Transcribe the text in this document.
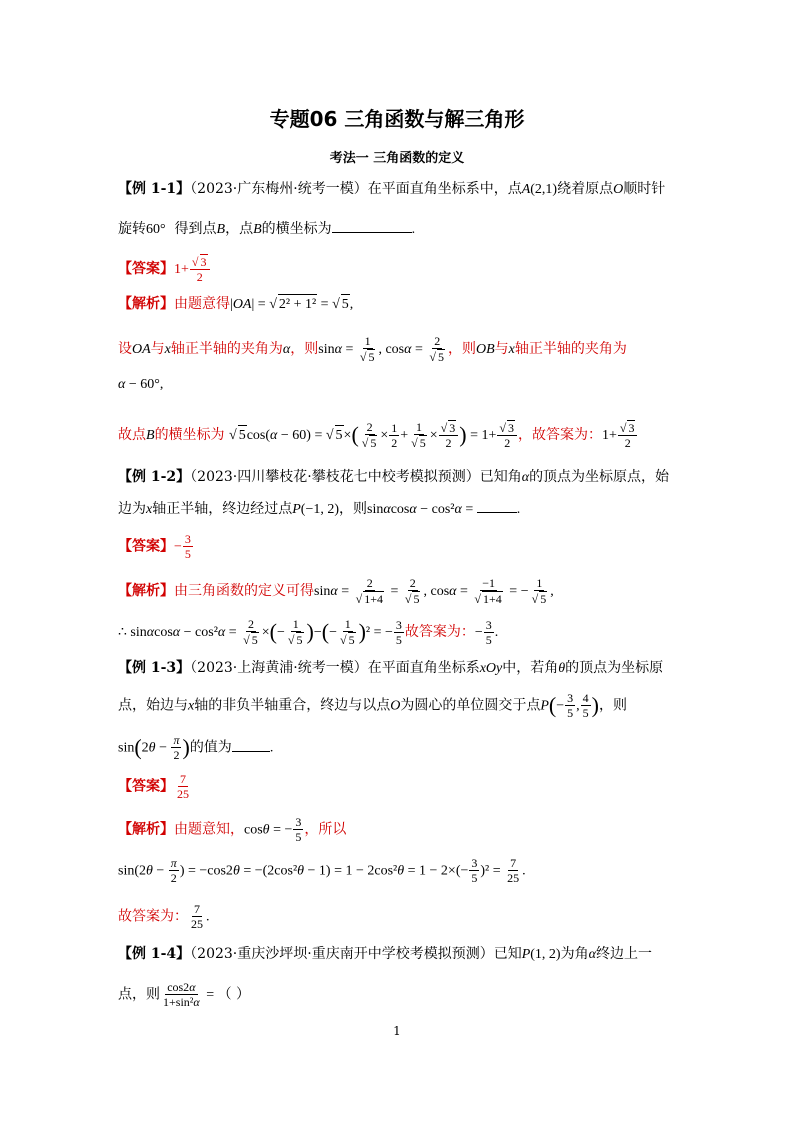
专题06 三角函数与解三角形
考法一 三角函数的定义
【例 1-1】（2023·广东梅州·统考一模）在平面直角坐标系中，点A(2,1)绕着原点O顺时针
旋转60° 得到点B，点B的横坐标为	.
【答案】1+ √ $\frac{3}{2}$
【解析】由题意得|OA| = √ 2² + 1² = √ 5,
设OA与x轴正半轴的夹角为α，则sinα = 1
√ 5 , cosα = 2
√ 5 ，则OB与x轴正半轴的夹角为
α − 60°,
故点B的横坐标为 √ 5cos(α − 60) = √ 5×( 2
√ $5 \times \frac{1}{2} + 1$
√ 5 × √ $\frac{3}{2}$ ) = 1+ √ $\frac{3}{2}$ ，故答案为：1+ √ $\frac{3}{2}$
【例 1-2】（2023·四川攀枝花·攀枝花七中校考模拟预测）已知角α的顶点为坐标原点，始
边为x轴正半轴，终边经过点P(−1, 2)，则sinαcosα − cos²α =	.
【答案】− $\frac{3}{5}$
【解析】由三角函数的定义可得sinα = 2
√ 1+4 = 2
√ 5 , cosα = −1
√ 1+4 = − 1
√ 5 ,
∴ sinαcosα − cos²α = 2
√ 5 ×(− 1
√ 5 )−(− 1
√ 5 )² = − $\frac{3}{5}$ 故答案为：− $\frac{3}{5}$ .
【例 1-3】（2023·上海黄浦·统考一模）在平面直角坐标系xOy中，若角θ的顶点为坐标原
点，始边与x轴的非负半轴重合，终边与以点O为圆心的单位圆交于点$P(- \frac{3}{5}$ , $\frac{4}{5}$ )，则
$\sin(2\theta - \frac{\pi}{2}$ )的值为	.
【答案】 $\frac{7}{25}$
【解析】由题意知，cosθ = − $\frac{3}{5}$ ，所以
$\sin(2\theta - \frac{\pi}{2}$ ) = $-\cos 2\theta = -(2\cos^2\theta - 1) = 1 - 2\cos^2\theta = 1 - 2\times(- \frac{3}{5} )^2 = \frac{7}{25}$ .
故答案为： $\frac{7}{25}$ .
【例 1-4】（2023·重庆沙坪坝·重庆南开中学校考模拟预测）已知P(1, 2)为角α终边上一
点，则 $\frac{\cos 2\alpha}{\text{1+sin²α}}$ = （ ）
1
